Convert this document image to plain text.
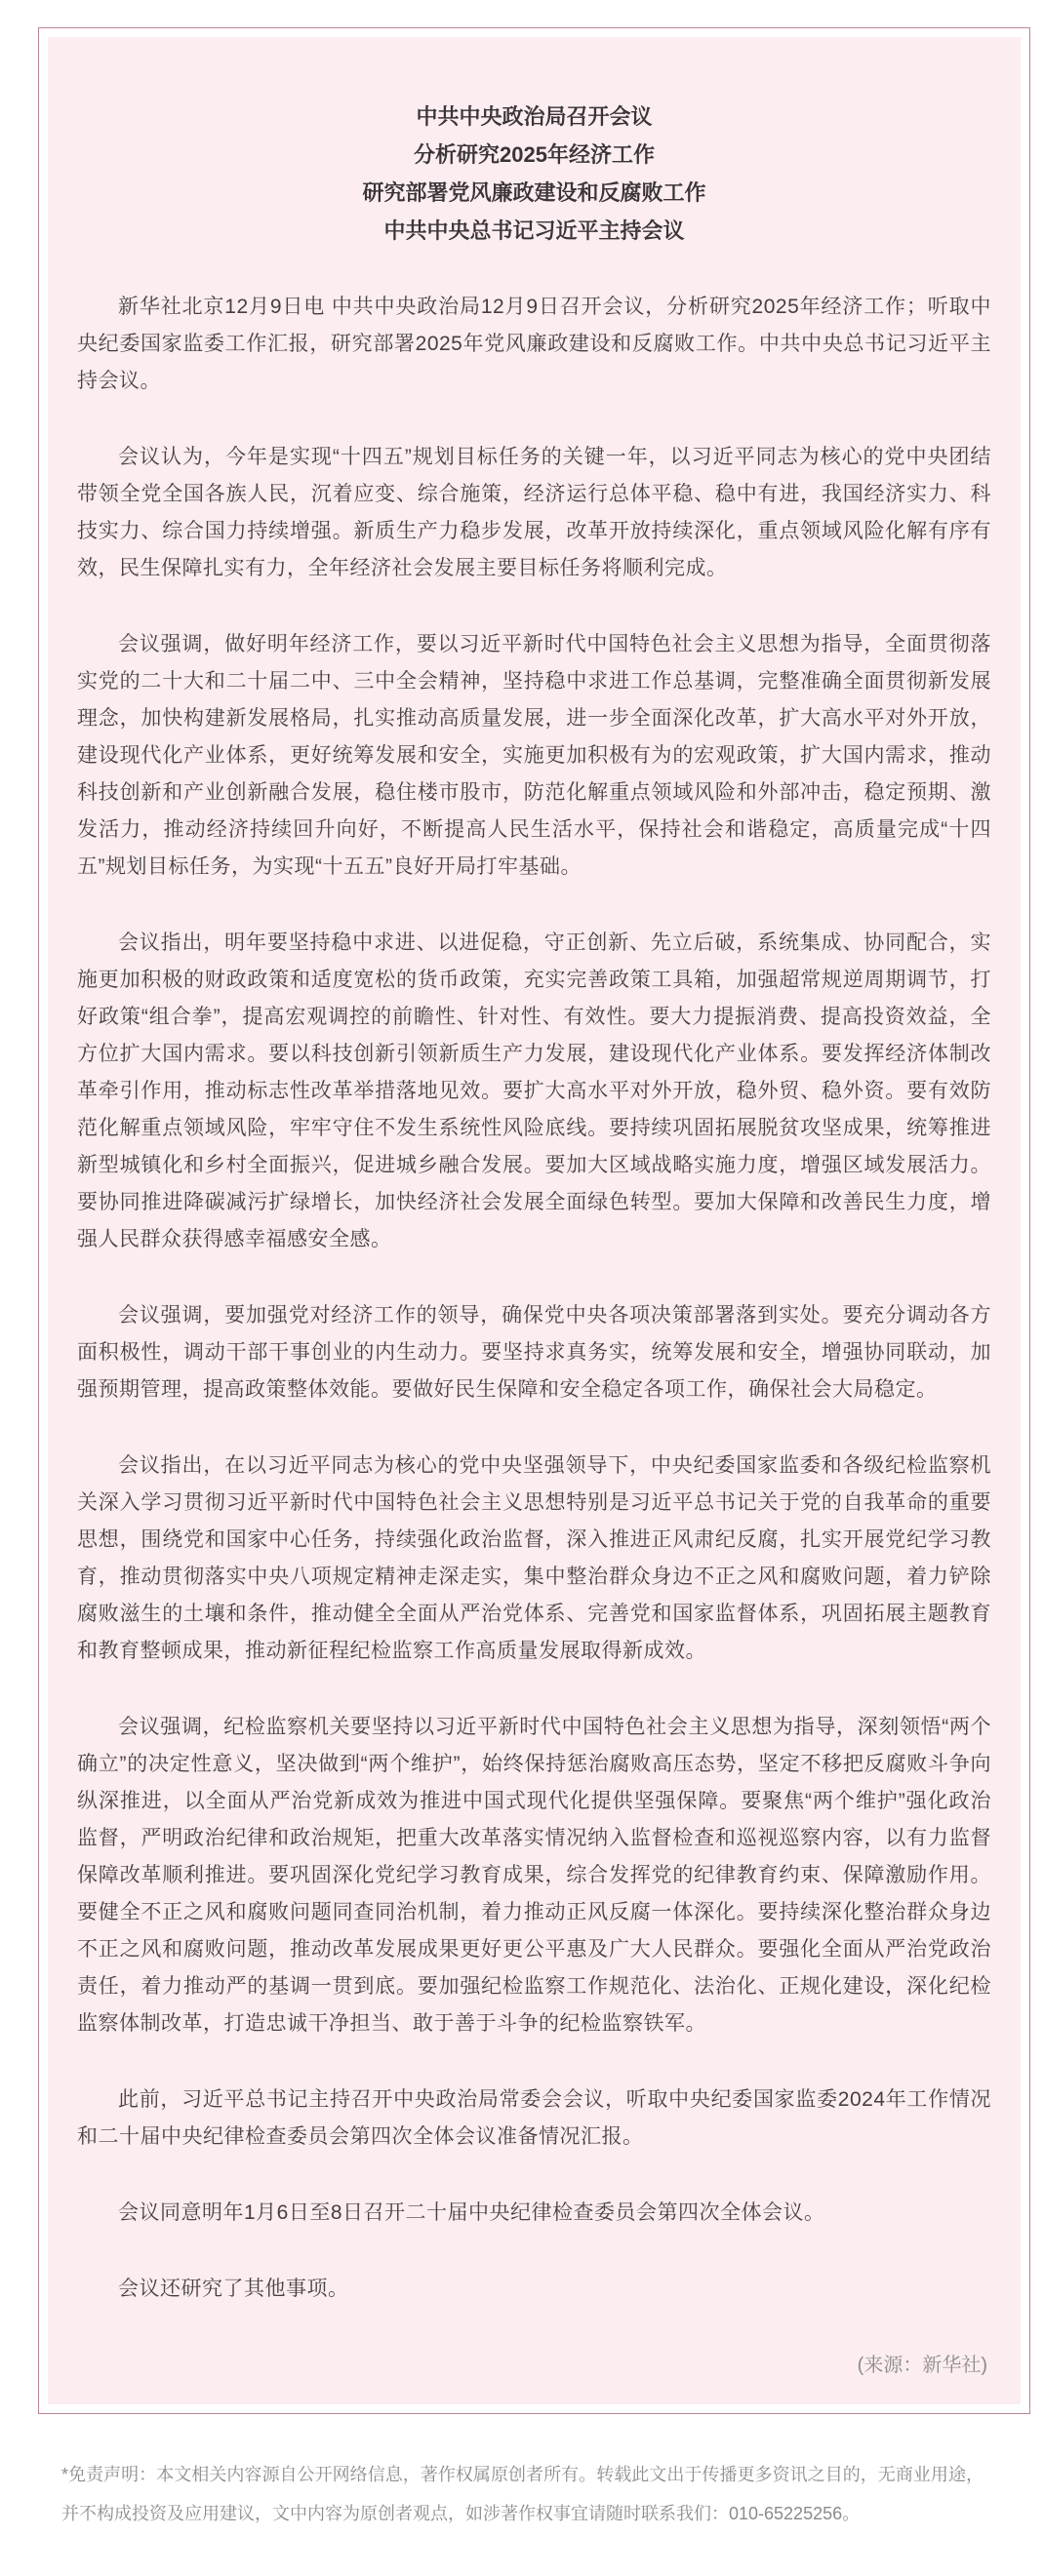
中共中央政治局召开会议
分析研究2025年经济工作
研究部署党风廉政建设和反腐败工作
中共中央总书记习近平主持会议

新华社北京12月9日电 中共中央政治局12月9日召开会议，分析研究2025年经济工作；听取中央纪委国家监委工作汇报，研究部署2025年党风廉政建设和反腐败工作。中共中央总书记习近平主持会议。

会议认为，今年是实现“十四五”规划目标任务的关键一年，以习近平同志为核心的党中央团结带领全党全国各族人民，沉着应变、综合施策，经济运行总体平稳、稳中有进，我国经济实力、科技实力、综合国力持续增强。新质生产力稳步发展，改革开放持续深化，重点领域风险化解有序有效，民生保障扎实有力，全年经济社会发展主要目标任务将顺利完成。

会议强调，做好明年经济工作，要以习近平新时代中国特色社会主义思想为指导，全面贯彻落实党的二十大和二十届二中、三中全会精神，坚持稳中求进工作总基调，完整准确全面贯彻新发展理念，加快构建新发展格局，扎实推动高质量发展，进一步全面深化改革，扩大高水平对外开放，建设现代化产业体系，更好统筹发展和安全，实施更加积极有为的宏观政策，扩大国内需求，推动科技创新和产业创新融合发展，稳住楼市股市，防范化解重点领域风险和外部冲击，稳定预期、激发活力，推动经济持续回升向好，不断提高人民生活水平，保持社会和谐稳定，高质量完成“十四五”规划目标任务，为实现“十五五”良好开局打牢基础。

会议指出，明年要坚持稳中求进、以进促稳，守正创新、先立后破，系统集成、协同配合，实施更加积极的财政政策和适度宽松的货币政策，充实完善政策工具箱，加强超常规逆周期调节，打好政策“组合拳”，提高宏观调控的前瞻性、针对性、有效性。要大力提振消费、提高投资效益，全方位扩大国内需求。要以科技创新引领新质生产力发展，建设现代化产业体系。要发挥经济体制改革牵引作用，推动标志性改革举措落地见效。要扩大高水平对外开放，稳外贸、稳外资。要有效防范化解重点领域风险，牢牢守住不发生系统性风险底线。要持续巩固拓展脱贫攻坚成果，统筹推进新型城镇化和乡村全面振兴，促进城乡融合发展。要加大区域战略实施力度，增强区域发展活力。要协同推进降碳减污扩绿增长，加快经济社会发展全面绿色转型。要加大保障和改善民生力度，增强人民群众获得感幸福感安全感。

会议强调，要加强党对经济工作的领导，确保党中央各项决策部署落到实处。要充分调动各方面积极性，调动干部干事创业的内生动力。要坚持求真务实，统筹发展和安全，增强协同联动，加强预期管理，提高政策整体效能。要做好民生保障和安全稳定各项工作，确保社会大局稳定。

会议指出，在以习近平同志为核心的党中央坚强领导下，中央纪委国家监委和各级纪检监察机关深入学习贯彻习近平新时代中国特色社会主义思想特别是习近平总书记关于党的自我革命的重要思想，围绕党和国家中心任务，持续强化政治监督，深入推进正风肃纪反腐，扎实开展党纪学习教育，推动贯彻落实中央八项规定精神走深走实，集中整治群众身边不正之风和腐败问题，着力铲除腐败滋生的土壤和条件，推动健全全面从严治党体系、完善党和国家监督体系，巩固拓展主题教育和教育整顿成果，推动新征程纪检监察工作高质量发展取得新成效。

会议强调，纪检监察机关要坚持以习近平新时代中国特色社会主义思想为指导，深刻领悟“两个确立”的决定性意义，坚决做到“两个维护”，始终保持惩治腐败高压态势，坚定不移把反腐败斗争向纵深推进，以全面从严治党新成效为推进中国式现代化提供坚强保障。要聚焦“两个维护”强化政治监督，严明政治纪律和政治规矩，把重大改革落实情况纳入监督检查和巡视巡察内容，以有力监督保障改革顺利推进。要巩固深化党纪学习教育成果，综合发挥党的纪律教育约束、保障激励作用。要健全不正之风和腐败问题同查同治机制，着力推动正风反腐一体深化。要持续深化整治群众身边不正之风和腐败问题，推动改革发展成果更好更公平惠及广大人民群众。要强化全面从严治党政治责任，着力推动严的基调一贯到底。要加强纪检监察工作规范化、法治化、正规化建设，深化纪检监察体制改革，打造忠诚干净担当、敢于善于斗争的纪检监察铁军。

此前，习近平总书记主持召开中央政治局常委会会议，听取中央纪委国家监委2024年工作情况和二十届中央纪律检查委员会第四次全体会议准备情况汇报。

会议同意明年1月6日至8日召开二十届中央纪律检查委员会第四次全体会议。

会议还研究了其他事项。

(来源：新华社)

*免责声明：本文相关内容源自公开网络信息，著作权属原创者所有。转载此文出于传播更多资讯之目的，无商业用途，并不构成投资及应用建议，文中内容为原创者观点，如涉著作权事宜请随时联系我们：010-65225256。
